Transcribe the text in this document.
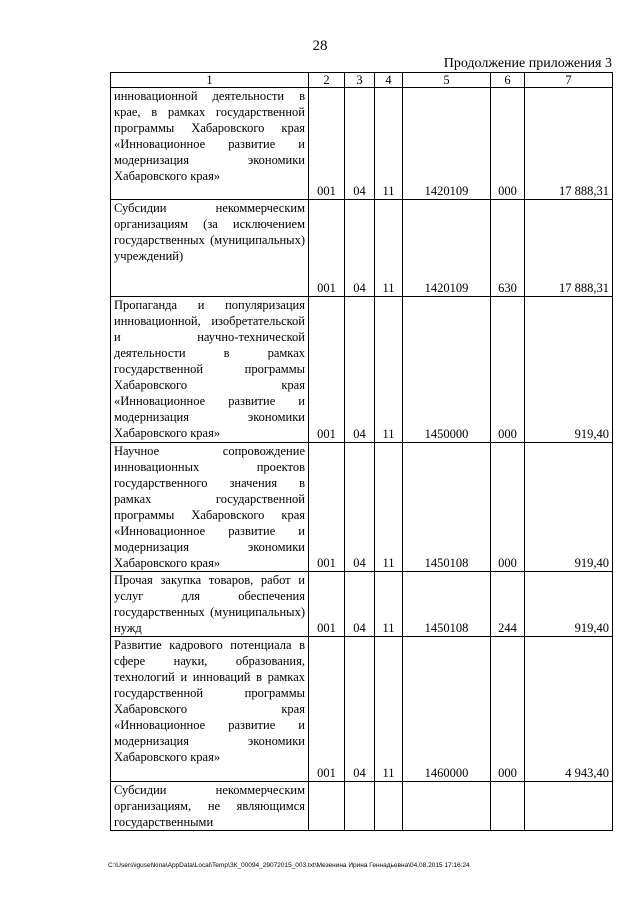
28
Продолжение приложения 3
1	2	3	4	5	6	7
инновационной деятельности в крае, в рамках государственной программы Хабаровского края «Инновационное развитие и модернизация экономики Хабаровского края»	001	04	11	1420109	000	17 888,31
Субсидии некоммерческим организациям (за исключением государственных (муниципальных) учреждений)	001	04	11	1420109	630	17 888,31
Пропаганда и популяризация инновационной, изобретательской и научно-технической деятельности в рамках государственной программы Хабаровского края «Инновационное развитие и модернизация экономики Хабаровского края»	001	04	11	1450000	000	919,40
Научное сопровождение инновационных проектов государственного значения в рамках государственной программы Хабаровского края «Инновационное развитие и модернизация экономики Хабаровского края»	001	04	11	1450108	000	919,40
Прочая закупка товаров, работ и услуг для обеспечения государственных (муниципальных) нужд	001	04	11	1450108	244	919,40
Развитие кадрового потенциала в сфере науки, образования, технологий и инноваций в рамках государственной программы Хабаровского края «Инновационное развитие и модернизация экономики Хабаровского края»	001	04	11	1460000	000	4 943,40
Субсидии некоммерческим организациям, не являющимся государственными						
C:\Users\igusel\kina\AppData\Local\Temp\ЗК_00094_29072015_003.txt\Мезенина Ирина Геннадьевна\04.08.2015 17:16:24
